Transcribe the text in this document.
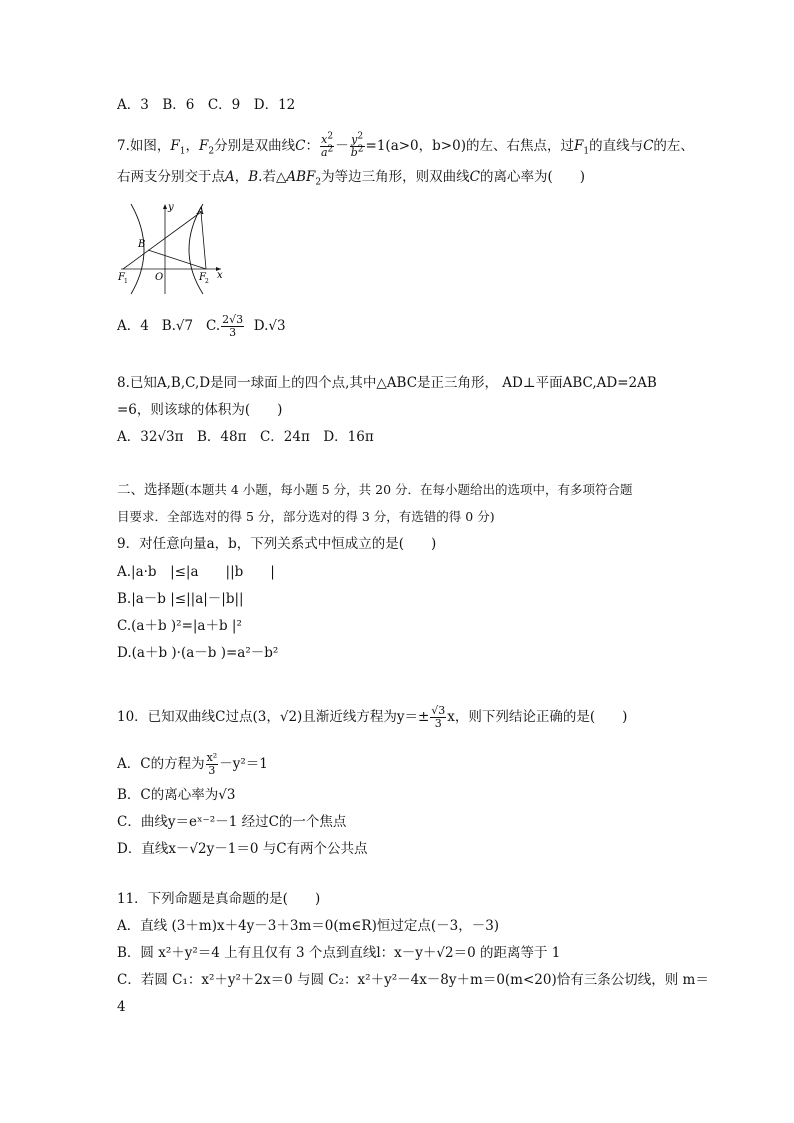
A．3　B．6　C．9　D．12
7.如图，$F_1$，$F_2$分别是双曲线C： $\frac{x^2}{a^2} - \frac{y^2}{b^2} =1(a>0$，b>0)的左、右焦点，过$F_1$的直线与C的左、
右两支分别交于点A，B.若$\triangle ABF_2$为等边三角形，则双曲线C的离心率为(　　)
A
B
O
F 1	F 2
x
y
A．4 B.√7 C. $\frac{2√3}{3} D.√3$
8.已知A,B,C,D是同一球面上的四个点,其中△ABC是正三角形， AD⊥平面ABC,AD=2AB
=6，则该球的体积为(　　)
A．32√3π　B．48π　C．24π　D．16π
二、选择题(本题共 4 小题，每小题 5 分，共 20 分．在每小题给出的选项中，有多项符合题
目要求．全部选对的得 5 分，部分选对的得 3 分，有选错的得 0 分)
9．对任意向量a，b，下列关系式中恒成立的是(　　)
A.|a·b　|≤|a　　||b　　|
B.|a－b |≤||a|－|b||
C.(a＋b )²=|a＋b |²
D.(a＋b )·(a－b )=a²－b²
10．已知双曲线C过点(3，√2)且渐近线方程为$y=\pm \frac{√3}{3}$ x，则下列结论正确的是(　　)
A．C的方程为 $\frac{\text{x²}}{3} -y^2=1$
B．C的离心率为√3
C．曲线y＝eˣ⁻²－1 经过C的一个焦点
D．直线x－√2y－1＝0 与C有两个公共点
11．下列命题是真命题的是(　　)
A．直线 (3＋m)x＋4y－3＋3m＝0(m∈R)恒过定点(－3，－3)
B．圆 x²＋y²＝4 上有且仅有 3 个点到直线l：x－y＋√2＝0 的距离等于 1
C．若圆 C₁：x²＋y²＋2x＝0 与圆 C₂：x²＋y²－4x－8y＋m＝0(m<20)恰有三条公切线，则 m＝
4
